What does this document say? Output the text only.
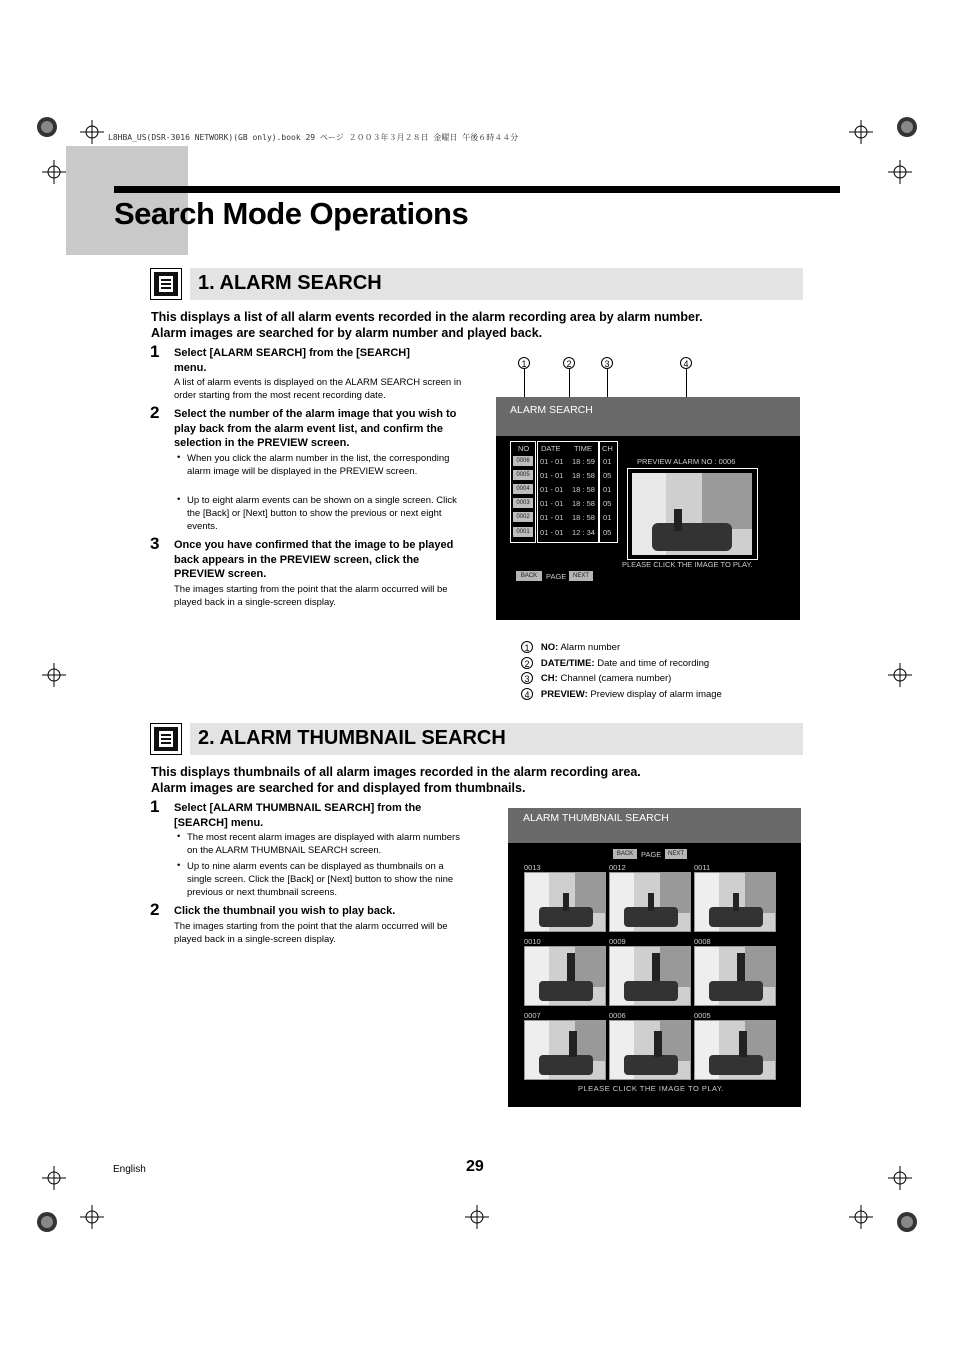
L8HBA_US(DSR-3016 NETWORK)(GB only).book 29 ページ ２００３年３月２８日 金曜日 午後６時４４分
Search Mode Operations
1. ALARM SEARCH
This displays a list of all alarm events recorded in the alarm recording area by alarm number.
Alarm images are searched for by alarm number and played back.
1 Select [ALARM SEARCH] from the [SEARCH] menu.
A list of alarm events is displayed on the ALARM SEARCH screen in order starting from the most recent recording date.
2 Select the number of the alarm image that you wish to play back from the alarm event list, and confirm the selection in the PREVIEW screen.
• When you click the alarm number in the list, the corresponding alarm image will be displayed in the PREVIEW screen.
• Up to eight alarm events can be shown on a single screen. Click the [Back] or [Next] button to show the previous or next eight events.
3 Once you have confirmed that the image to be played back appears in the PREVIEW screen, click the PREVIEW screen.
The images starting from the point that the alarm occurred will be played back in a single-screen display.
1	2	3	4
ALARM SEARCH
NO DATE TIME CH
0006	01 - 01 18 : 59 01
0005	01 - 01 18 : 58 05
0004	01 - 01 18 : 58 01
0003	01 - 01 18 : 58 05
0002	01 - 01 18 : 58 01
0001	01 - 01 12 : 34 05
PREVIEW ALARM NO : 0006
PLEASE CLICK THE IMAGE TO PLAY.
BACK	PAGE	NEXT
1 NO: Alarm number
2 DATE/TIME: Date and time of recording
3 CH: Channel (camera number)
4 PREVIEW: Preview display of alarm image
2. ALARM THUMBNAIL SEARCH
This displays thumbnails of all alarm images recorded in the alarm recording area.
Alarm images are searched for and displayed from thumbnails.
1 Select [ALARM THUMBNAIL SEARCH] from the [SEARCH] menu.
• The most recent alarm images are displayed with alarm numbers on the ALARM THUMBNAIL SEARCH screen.
• Up to nine alarm events can be displayed as thumbnails on a single screen. Click the [Back] or [Next] button to show the nine previous or next thumbnail screens.
2 Click the thumbnail you wish to play back.
The images starting from the point that the alarm occurred will be played back in a single-screen display.
ALARM THUMBNAIL SEARCH
BACK	PAGE	NEXT
0013	0012	0011
0010	0009	0008
0007	0006	0005
PLEASE CLICK THE IMAGE TO PLAY.
English	29
